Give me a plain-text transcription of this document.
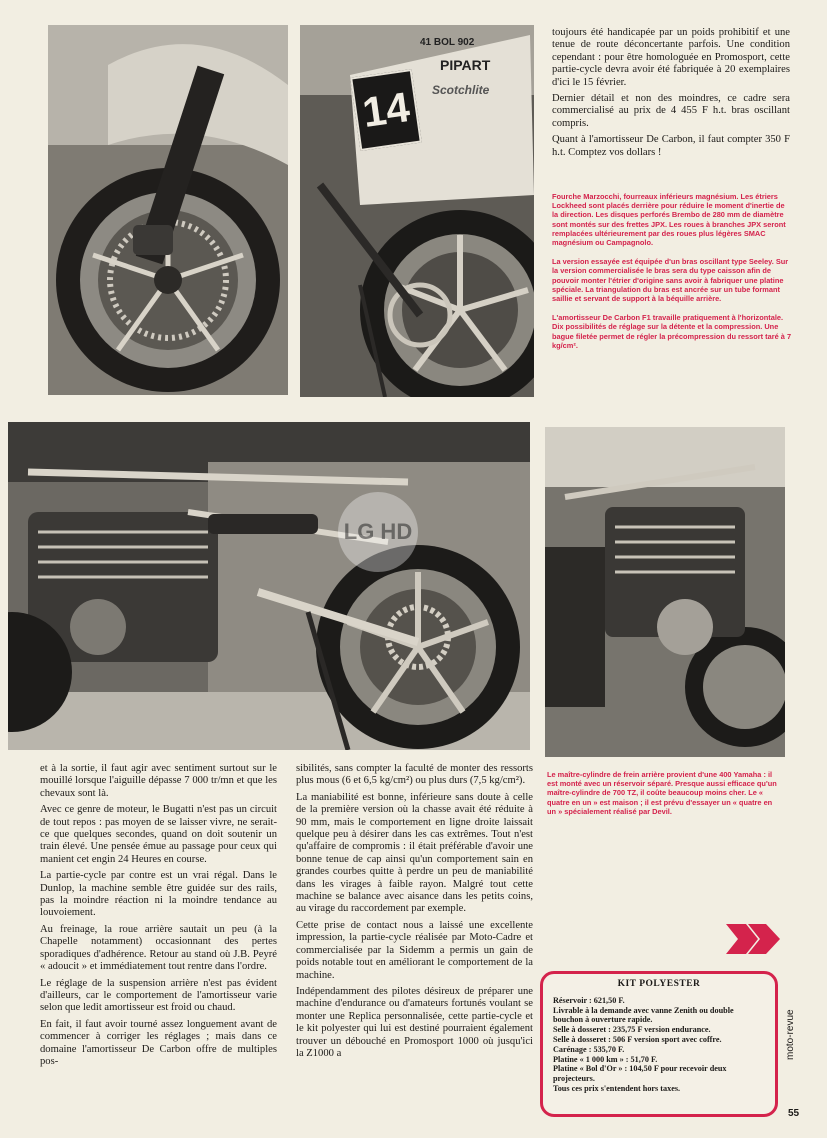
14
41 BOL 902
PIPART
Scotchlite

toujours été handicapée par un poids prohibitif et une tenue de route déconcertante parfois. Une condition cependant : pour être homologuée en Promosport, cette partie-cycle devra avoir été fabriquée à 20 exemplaires d'ici le 15 février.

Dernier détail et non des moindres, ce cadre sera commercialisé au prix de 4 455 F h.t. bras oscillant compris.

Quant à l'amortisseur De Carbon, il faut compter 350 F h.t. Comptez vos dollars !

Fourche Marzocchi, fourreaux inférieurs magnésium. Les étriers Lockheed sont placés derrière pour réduire le moment d'inertie de la direction. Les disques perforés Brembo de 280 mm de diamètre sont montés sur des frettes JPX. Les roues à branches JPX seront remplacées ultérieurement par des roues plus légères SMAC magnésium ou Campagnolo.

La version essayée est équipée d'un bras oscillant type Seeley. Sur la version commercialisée le bras sera du type caisson afin de pouvoir monter l'étrier d'origine sans avoir à fabriquer une platine spéciale. La triangulation du bras est ancrée sur un tube formant saillie et servant de support à la béquille arrière.

L'amortisseur De Carbon F1 travaille pratiquement à l'horizontale. Dix possibilités de réglage sur la détente et la compression. Une bague filetée permet de régler la précompression du ressort taré à 7 kg/cm².

LG HD

et à la sortie, il faut agir avec sentiment surtout sur le mouillé lorsque l'aiguille dépasse 7 000 tr/mn et que les chevaux sont là.

Avec ce genre de moteur, le Bugatti n'est pas un circuit de tout repos : pas moyen de se laisser vivre, ne serait-ce que quelques secondes, quand on doit soutenir un train élevé. Une pensée émue au passage pour ceux qui manient cet engin 24 Heures en course.

La partie-cycle par contre est un vrai régal. Dans le Dunlop, la machine semble être guidée sur des rails, pas la moindre réaction ni la moindre tendance au louvoiement.

Au freinage, la roue arrière sautait un peu (à la Chapelle notamment) occasionnant des pertes sporadiques d'adhérence. Retour au stand où J.B. Peyré « adoucit » et immédiatement tout rentre dans l'ordre.

Le réglage de la suspension arrière n'est pas évident d'ailleurs, car le comportement de l'amortisseur varie selon que ledit amortisseur est froid ou chaud.

En fait, il faut avoir tourné assez longuement avant de commencer à corriger les réglages ; mais dans ce domaine l'amortisseur De Carbon offre de multiples pos-

sibilités, sans compter la faculté de monter des ressorts plus mous (6 et 6,5 kg/cm²) ou plus durs (7,5 kg/cm²).

La maniabilité est bonne, inférieure sans doute à celle de la première version où la chasse avait été réduite à 90 mm, mais le comportement en ligne droite laissait quelque peu à désirer dans les cas extrêmes. Tout n'est qu'affaire de compromis : il était préférable d'avoir une bonne tenue de cap ainsi qu'un comportement sain en grandes courbes quitte à perdre un peu de maniabilité dans les virages à faible rayon. Malgré tout cette machine se balance avec aisance dans les petits coins, au virage du raccordement par exemple.

Cette prise de contact nous a laissé une excellente impression, la partie-cycle réalisée par Moto-Cadre et commercialisée par la Sidemm a permis un gain de poids notable tout en améliorant le comportement de la machine.

Indépendamment des pilotes désireux de préparer une machine d'endurance ou d'amateurs fortunés voulant se monter une Replica personnalisée, cette partie-cycle et le kit polyester qui lui est destiné pourraient également trouver un débouché en Promosport 1000 où jusqu'ici la Z1000 a

Le maître-cylindre de frein arrière provient d'une 400 Yamaha : il est monté avec un réservoir séparé. Presque aussi efficace qu'un maître-cylindre de 700 TZ, il coûte beaucoup moins cher. Le « quatre en un » est maison ; il est prévu d'essayer un « quatre en un » spécialement réalisé par Devil.

KIT POLYESTER
Réservoir : 621,50 F.
Livrable à la demande avec vanne Zenith ou double bouchon à ouverture rapide.
Selle à dosseret : 235,75 F version endurance.
Selle à dosseret : 506 F version sport avec coffre.
Carénage : 535,70 F.
Platine « 1 000 km » : 51,70 F.
Platine « Bol d'Or » : 104,50 F pour recevoir deux projecteurs.
Tous ces prix s'entendent hors taxes.
moto-revue
55
